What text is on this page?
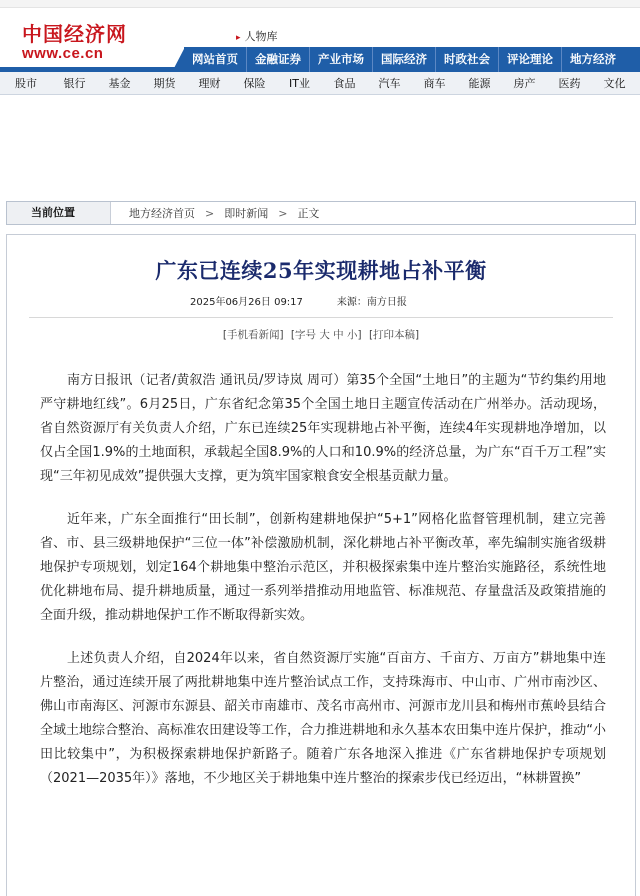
中国经济网
www.ce.cn
▸ 人物库
网站首页	金融证券	产业市场	国际经济	时政社会	评论理论	地方经济
股市	银行	基金	期货	理财	保险	IT业	食品	汽车	商车	能源	房产	医药	文化
当前位置	地方经济首页 > 即时新闻 > 正文
广东已连续25年实现耕地占补平衡
2025年06月26日 09:17	来源：南方日报
[手机看新闻] [字号 大 中 小] [打印本稿]

南方日报讯（记者/黄叙浩 通讯员/罗诗岚 周可）第35个全国“土地日”的主题为“节约集约用地 严守耕地红线”。6月25日，广东省纪念第35个全国土地日主题宣传活动在广州举办。活动现场，省自然资源厅有关负责人介绍，广东已连续25年实现耕地占补平衡，连续4年实现耕地净增加，以仅占全国1.9%的土地面积，承载起全国8.9%的人口和10.9%的经济总量，为广东“百千万工程”实现“三年初见成效”提供强大支撑，更为筑牢国家粮食安全根基贡献力量。

近年来，广东全面推行“田长制”，创新构建耕地保护“5+1”网格化监督管理机制，建立完善省、市、县三级耕地保护“三位一体”补偿激励机制，深化耕地占补平衡改革，率先编制实施省级耕地保护专项规划，划定164个耕地集中整治示范区，并积极探索集中连片整治实施路径，系统性地优化耕地布局、提升耕地质量，通过一系列举措推动用地监管、标准规范、存量盘活及政策措施的全面升级，推动耕地保护工作不断取得新实效。

上述负责人介绍，自2024年以来，省自然资源厅实施“百亩方、千亩方、万亩方”耕地集中连片整治，通过连续开展了两批耕地集中连片整治试点工作，支持珠海市、中山市、广州市南沙区、佛山市南海区、河源市东源县、韶关市南雄市、茂名市高州市、河源市龙川县和梅州市蕉岭县结合全域土地综合整治、高标准农田建设等工作，合力推进耕地和永久基本农田集中连片保护，推动“小田比较集中”，为积极探索耕地保护新路子。随着广东各地深入推进《广东省耕地保护专项规划（2021—2035年）》落地，不少地区关于耕地集中连片整治的探索步伐已经迈出，“林耕置换”
